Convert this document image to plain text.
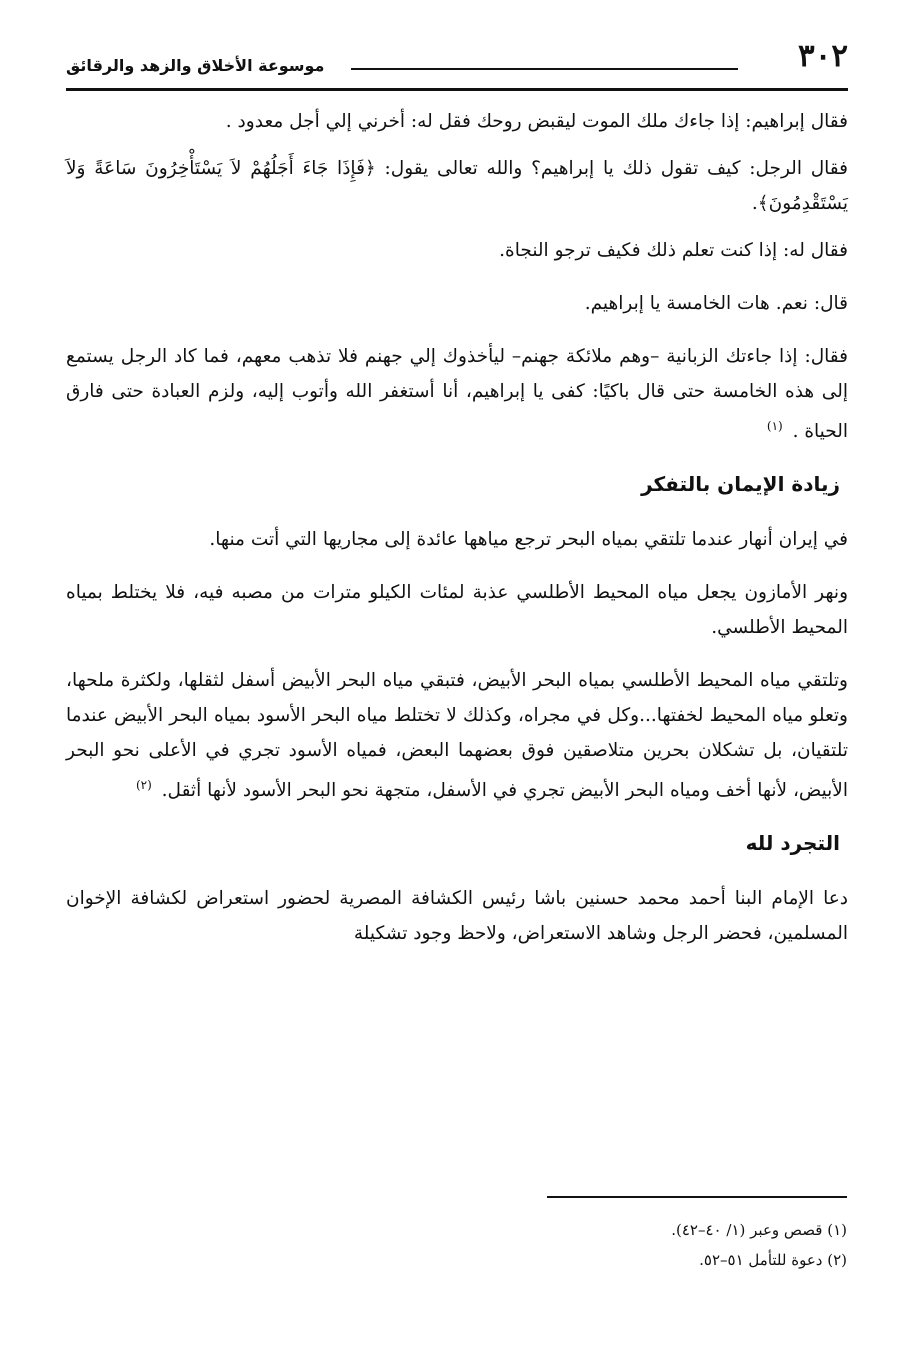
٣٠٢
موسوعة الأخلاق والزهد والرقائق

فقال إبراهيم: إذا جاءك ملك الموت ليقبض روحك فقل له: أخرني إلي أجل معدود .

فقال الرجل: كيف تقول ذلك يا إبراهيم؟ والله تعالى يقول: ﴿فَإِذَا جَاءَ أَجَلُهُمْ لاَ يَسْتَأْخِرُونَ سَاعَةً وَلاَ يَسْتَقْدِمُونَ﴾.

فقال له: إذا كنت تعلم ذلك فكيف ترجو النجاة.

قال: نعم. هات الخامسة يا إبراهيم.

فقال: إذا جاءتك الزبانية –وهم ملائكة جهنم– ليأخذوك إلي جهنم فلا تذهب معهم، فما كاد الرجل يستمع إلى هذه الخامسة حتى قال باكيًا: كفى يا إبراهيم، أنا أستغفر الله وأتوب إليه، ولزم العبادة حتى فارق الحياة . $^{(١)}$

زيادة الإيمان بالتفكر

في إيران أنهار عندما تلتقي بمياه البحر ترجع مياهها عائدة إلى مجاريها التي أتت منها.

ونهر الأمازون يجعل مياه المحيط الأطلسي عذبة لمئات الكيلو مترات من مصبه فيه، فلا يختلط بمياه المحيط الأطلسي.

وتلتقي مياه المحيط الأطلسي بمياه البحر الأبيض، فتبقي مياه البحر الأبيض أسفل لثقلها، ولكثرة ملحها، وتعلو مياه المحيط لخفتها...وكل في مجراه، وكذلك لا تختلط مياه البحر الأسود بمياه البحر الأبيض عندما تلتقيان، بل تشكلان بحرين متلاصقين فوق بعضهما البعض، فمياه الأسود تجري في الأعلى نحو البحر الأبيض، لأنها أخف ومياه البحر الأبيض تجري في الأسفل، متجهة نحو البحر الأسود لأنها أثقل. $^{(٢)}$

التجرد لله

دعا الإمام البنا أحمد محمد حسنين باشا رئيس الكشافة المصرية لحضور استعراض لكشافة الإخوان المسلمين، فحضر الرجل وشاهد الاستعراض، ولاحظ وجود تشكيلة

(١) قصص وعبر (١/ ٤٠–٤٢).

(٢) دعوة للتأمل ٥١–٥٢.
